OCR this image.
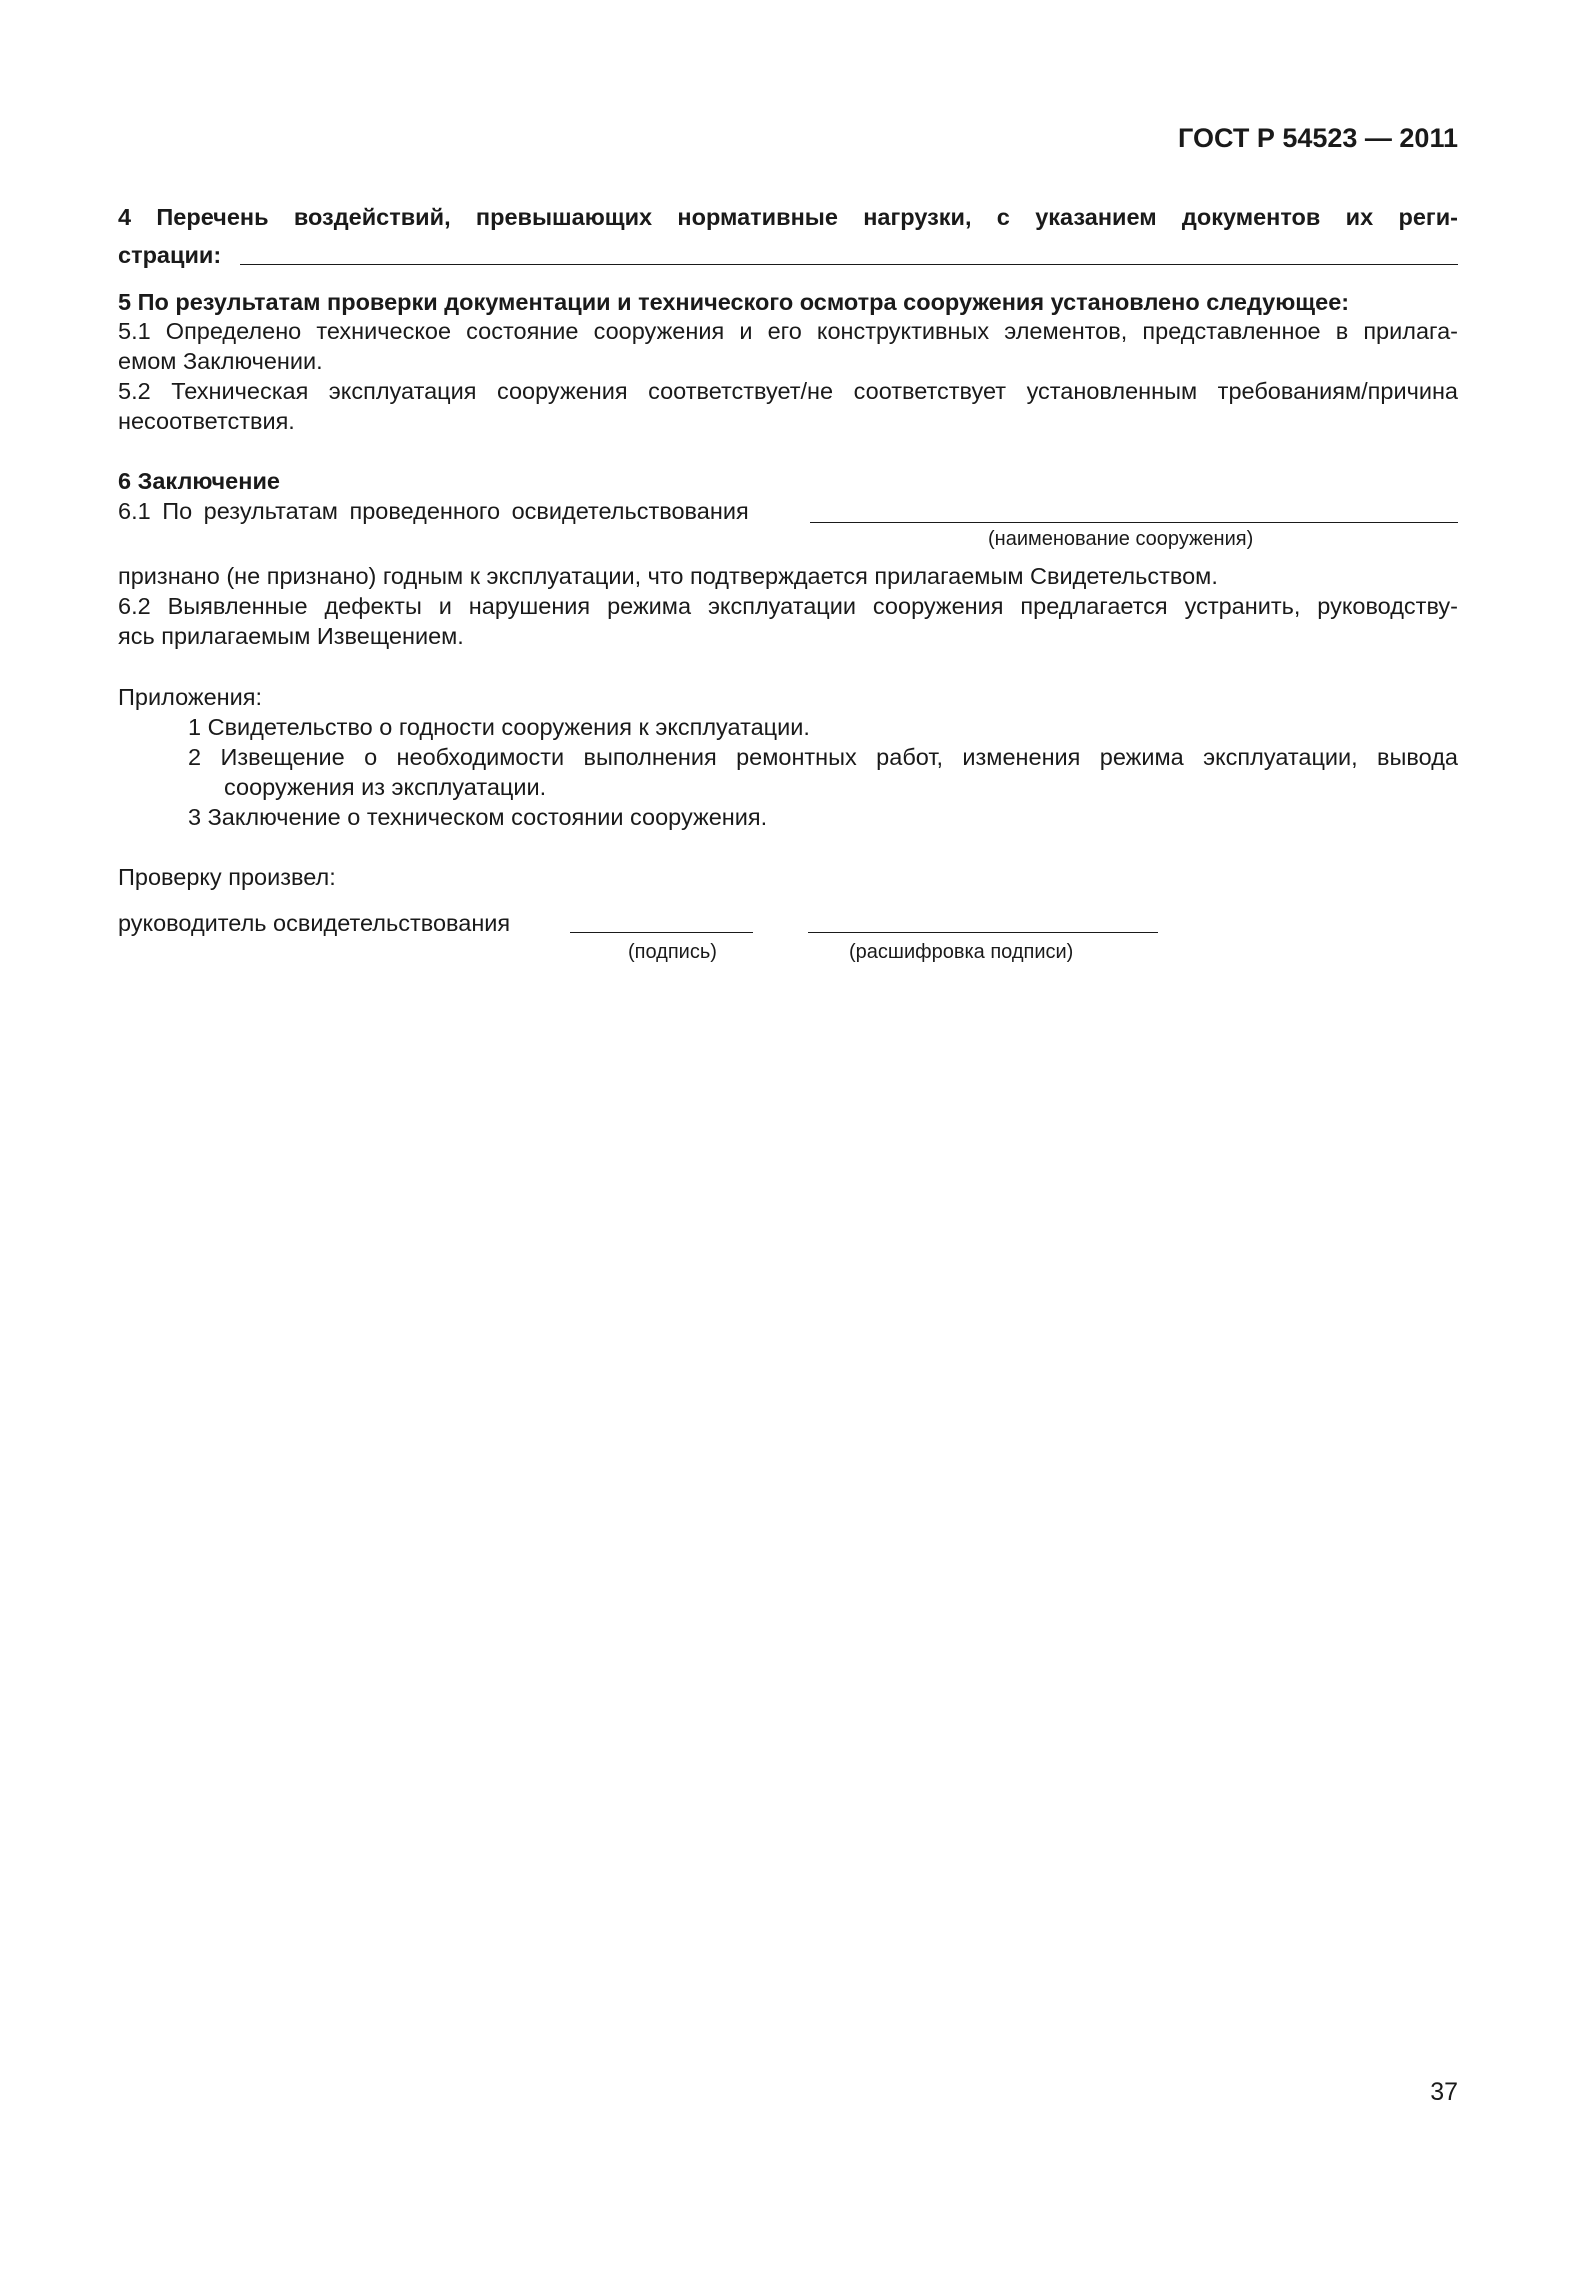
ГОСТ Р 54523 — 2011
4 Перечень воздействий, превышающих нормативные нагрузки, с указанием документов их реги-
страции:
5 По результатам проверки документации и технического осмотра сооружения установлено следующее:
5.1 Определено техническое состояние сооружения и его конструктивных элементов, представленное в прилага-
емом Заключении.
5.2 Техническая эксплуатация сооружения соответствует/не соответствует установленным требованиям/причина
несоответствия.
6 Заключение
6.1 По результатам проведенного освидетельствования
(наименование сооружения)
признано (не признано) годным к эксплуатации, что подтверждается прилагаемым Свидетельством.
6.2 Выявленные дефекты и нарушения режима эксплуатации сооружения предлагается устранить, руководству-
ясь прилагаемым Извещением.
Приложения:
1 Свидетельство о годности сооружения к эксплуатации.
2 Извещение о необходимости выполнения ремонтных работ, изменения режима эксплуатации, вывода
сооружения из эксплуатации.
3 Заключение о техническом состоянии сооружения.
Проверку произвел:
руководитель освидетельствования
(подпись)	(расшифровка подписи)
37
